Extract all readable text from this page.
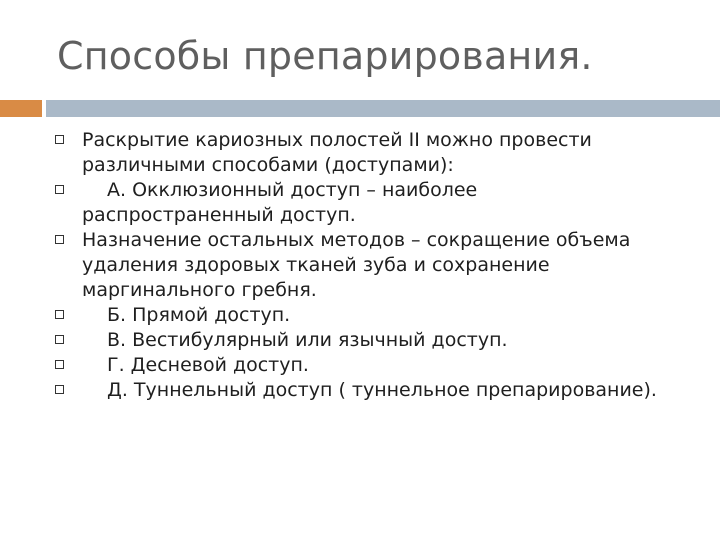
Способы препарирования.
Раскрытие кариозных полостей II можно провести
различными способами (доступами):
А. Окклюзионный доступ – наиболее
распространенный доступ.
Назначение остальных методов – сокращение объема
удаления здоровых тканей зуба и сохранение
маргинального гребня.
Б. Прямой доступ.
В. Вестибулярный или язычный доступ.
Г. Десневой доступ.
Д. Туннельный доступ ( туннельное препарирование).
